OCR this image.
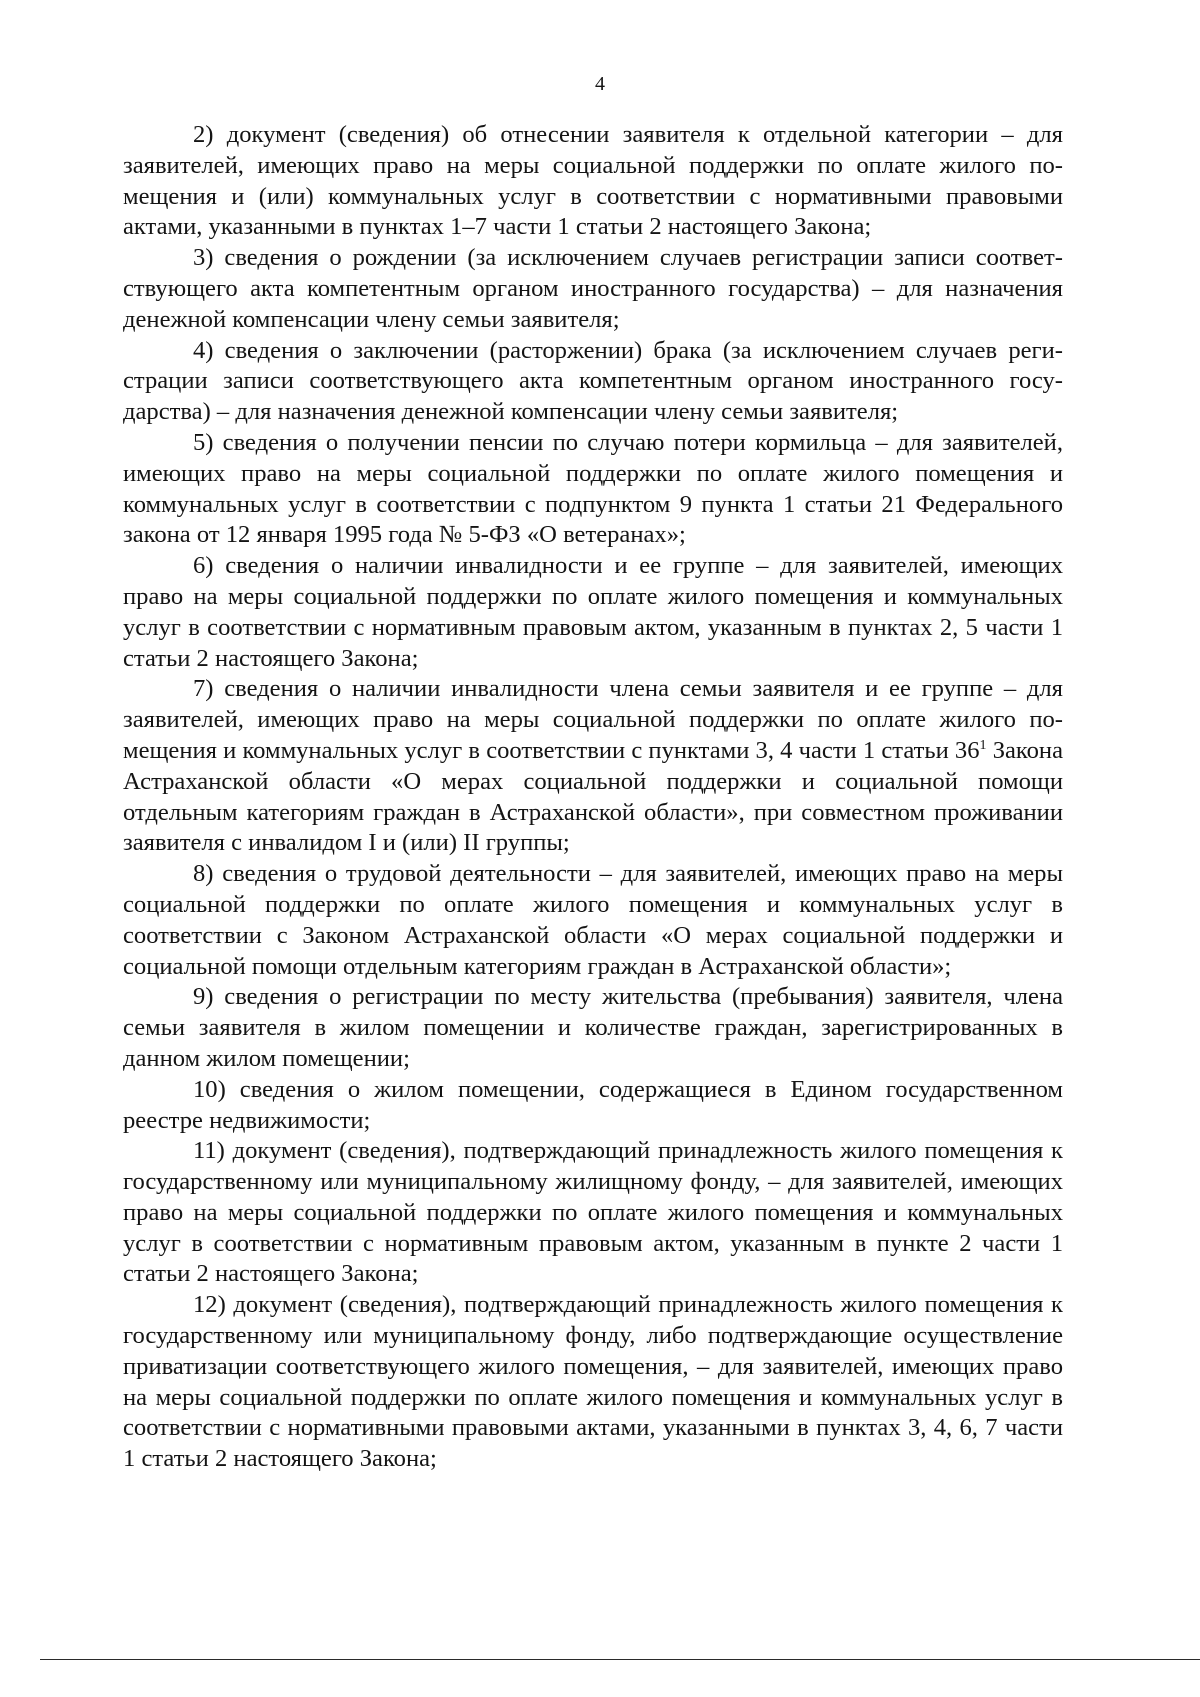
4

2) документ (сведения) об отнесении заявителя к отдельной категории – для заявителей, имеющих право на меры социальной поддержки по оплате жилого помещения и (или) коммунальных услуг в соответствии с нормативными правовыми актами, указанными в пунктах 1–7 части 1 статьи 2 настоящего Закона;

3) сведения о рождении (за исключением случаев регистрации записи соответствующего акта компетентным органом иностранного государства) – для назначения денежной компенсации члену семьи заявителя;

4) сведения о заключении (расторжении) брака (за исключением случаев регистрации записи соответствующего акта компетентным органом иностранного государства) – для назначения денежной компенсации члену семьи заявителя;

5) сведения о получении пенсии по случаю потери кормильца – для заявителей, имеющих право на меры социальной поддержки по оплате жилого помещения и коммунальных услуг в соответствии с подпунктом 9 пункта 1 статьи 21 Федерального закона от 12 января 1995 года № 5-ФЗ «О ветеранах»;

6) сведения о наличии инвалидности и ее группе – для заявителей, имеющих право на меры социальной поддержки по оплате жилого помещения и коммунальных услуг в соответствии с нормативным правовым актом, указанным в пунктах 2, 5 части 1 статьи 2 настоящего Закона;

7) сведения о наличии инвалидности члена семьи заявителя и ее группе – для заявителей, имеющих право на меры социальной поддержки по оплате жилого помещения и коммунальных услуг в соответствии с пунктами 3, 4 части 1 статьи $36^1$ Закона Астраханской области «О мерах социальной поддержки и социальной помощи отдельным категориям граждан в Астраханской области», при совместном проживании заявителя с инвалидом I и (или) II группы;

8) сведения о трудовой деятельности – для заявителей, имеющих право на меры социальной поддержки по оплате жилого помещения и коммунальных услуг в соответствии с Законом Астраханской области «О мерах социальной поддержки и социальной помощи отдельным категориям граждан в Астраханской области»;

9) сведения о регистрации по месту жительства (пребывания) заявителя, члена семьи заявителя в жилом помещении и количестве граждан, зарегистрированных в данном жилом помещении;

10) сведения о жилом помещении, содержащиеся в Едином государственном реестре недвижимости;

11) документ (сведения), подтверждающий принадлежность жилого помещения к государственному или муниципальному жилищному фонду, – для заявителей, имеющих право на меры социальной поддержки по оплате жилого помещения и коммунальных услуг в соответствии с нормативным правовым актом, указанным в пункте 2 части 1 статьи 2 настоящего Закона;

12) документ (сведения), подтверждающий принадлежность жилого помещения к государственному или муниципальному фонду, либо подтверждающие осуществление приватизации соответствующего жилого помещения, – для заявителей, имеющих право на меры социальной поддержки по оплате жилого помещения и коммунальных услуг в соответствии с нормативными правовыми актами, указанными в пунктах 3, 4, 6, 7 части 1 статьи 2 настоящего Закона;
